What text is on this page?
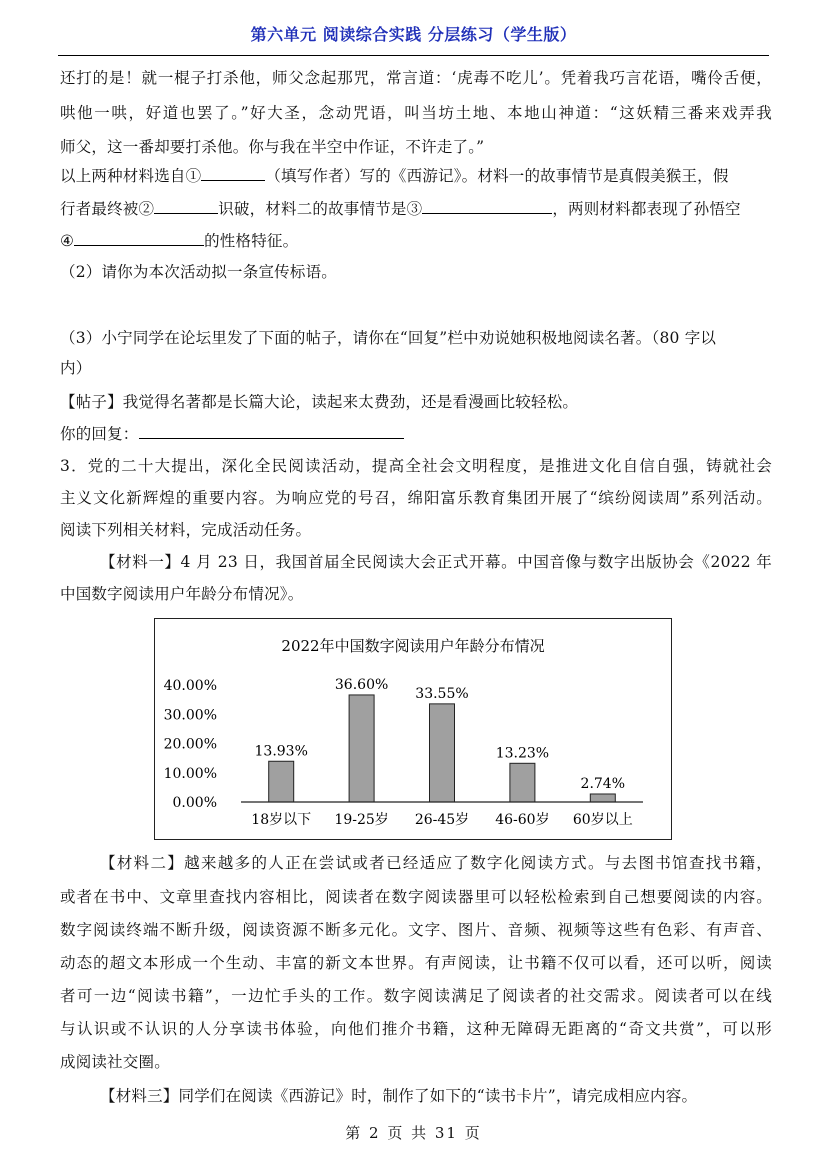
第六单元 阅读综合实践 分层练习（学生版）
还打的是！就一棍子打杀他，师父念起那咒，常言道：‘虎毒不吃儿’。凭着我巧言花语，嘴伶舌便，
哄他一哄，好道也罢了。”好大圣，念动咒语，叫当坊土地、本地山神道：“这妖精三番来戏弄我
师父，这一番却要打杀他。你与我在半空中作证，不许走了。”
以上两种材料选自①	（填写作者）写的《西游记》。材料一的故事情节是真假美猴王，假
行者最终被②	识破，材料二的故事情节是③	，两则材料都表现了孙悟空
④	的性格特征。
（2）请你为本次活动拟一条宣传标语。
（3）小宁同学在论坛里发了下面的帖子，请你在“回复”栏中劝说她积极地阅读名著。（80 字以
内）
【帖子】我觉得名著都是长篇大论，读起来太费劲，还是看漫画比较轻松。
你的回复：
3．党的二十大提出，深化全民阅读活动，提高全社会文明程度，是推进文化自信自强，铸就社会
主义文化新辉煌的重要内容。为响应党的号召，绵阳富乐教育集团开展了“缤纷阅读周”系列活动。
阅读下列相关材料，完成活动任务。
【材料一】4 月 23 日，我国首届全民阅读大会正式开幕。中国音像与数字出版协会《2022 年
中国数字阅读用户年龄分布情况》。
2022年中国数字阅读用户年龄分布情况
0.00%
10.00%
20.00%
30.00%
40.00%
13.93%
36.60%
33.55%
13.23%
2.74%
18岁以下 19-25岁 26-45岁 46-60岁 60岁以上
【材料二】越来越多的人正在尝试或者已经适应了数字化阅读方式。与去图书馆查找书籍，
或者在书中、文章里查找内容相比，阅读者在数字阅读器里可以轻松检索到自己想要阅读的内容。
数字阅读终端不断升级，阅读资源不断多元化。文字、图片、音频、视频等这些有色彩、有声音、
动态的超文本形成一个生动、丰富的新文本世界。有声阅读，让书籍不仅可以看，还可以听，阅读
者可一边“阅读书籍”，一边忙手头的工作。数字阅读满足了阅读者的社交需求。阅读者可以在线
与认识或不认识的人分享读书体验，向他们推介书籍，这种无障碍无距离的“奇文共赏”，可以形
成阅读社交圈。
【材料三】同学们在阅读《西游记》时，制作了如下的“读书卡片”，请完成相应内容。
第 2 页 共 31 页
